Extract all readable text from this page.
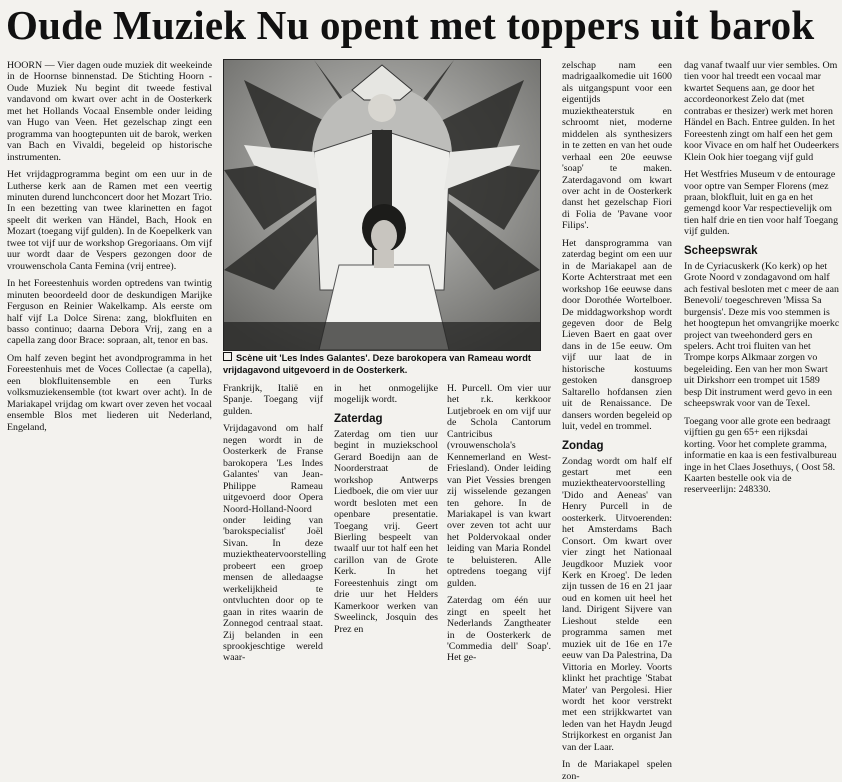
Oude Muziek Nu opent met toppers uit barok

HOORN — Vier dagen oude muziek dit weekeinde in de Hoornse binnenstad. De Stichting Hoorn - Oude Muziek Nu begint dit tweede festival vandavond om kwart over acht in de Oosterkerk met het Hollands Vocaal Ensemble onder leiding van Hugo van Veen. Het gezelschap zingt een programma van hoogtepunten uit de barok, werken van Bach en Vivaldi, begeleid op historische instrumenten.

Het vrijdagprogramma begint om een uur in de Lutherse kerk aan de Ramen met een veertig minuten durend lunchconcert door het Mozart Trio. In een bezetting van twee klarinetten en fagot speelt dit werken van Händel, Bach, Hook en Mozart (toegang vijf gulden). In de Koepelkerk van twee tot vijf uur de workshop Gregoriaans. Om vijf uur wordt daar de Vespers gezongen door de vrouwenschola Canta Femina (vrij entree).

In het Foreestenhuis worden optredens van twintig minuten beoordeeld door de deskundigen Marijke Ferguson en Reinier Wakelkamp. Als eerste om half vijf La Dolce Sirena: zang, blokfluiten en basso continuo; daarna Debora Vrij, zang en a capella zang door Brace: sopraan, alt, tenor en bas.

Om half zeven begint het avondprogramma in het Foreestenhuis met de Voces Collectae (a capella), een blokfluitensemble en een Turks volksmuziekensemble (tot kwart over acht). In de Mariakapel vrijdag om kwart over zeven het vocaal ensemble Blos met liederen uit Nederland, Engeland,

Scène uit 'Les Indes Galantes'. Deze barokopera van Rameau wordt vrijdagavond uitgevoerd in de Oosterkerk.

Frankrijk, Italië en Spanje. Toegang vijf gulden.

Vrijdagavond om half negen wordt in de Oosterkerk de Franse barokopera 'Les Indes Galantes' van Jean-Philippe Rameau uitgevoerd door Opera Noord-Holland-Noord onder leiding van 'barokspecialist' Joël Sivan. In deze muziektheatervoorstelling probeert een groep mensen de alledaagse werkelijkheid te ontvluchten door op te gaan in rites waarin de Zonnegod centraal staat. Zij belanden in een sprookjeschtige wereld waar-

in het onmogelijke mogelijk wordt.

Zaterdag

Zaterdag om tien uur begint in muziekschool Gerard Boedijn aan de Noorderstraat de workshop Antwerps Liedboek, die om vier uur wordt besloten met een openbare presentatie. Toegang vrij. Geert Bierling bespeelt van twaalf uur tot half een het carillon van de Grote Kerk. In het Foreestenhuis zingt om drie uur het Helders Kamerkoor werken van Sweelinck, Josquin des Prez en

H. Purcell. Om vier uur het r.k. kerkkoor Lutjebroek en om vijf uur de Schola Cantorum Cantricibus (vrouwenschola's Kennemerland en West-Friesland). Onder leiding van Piet Vessies brengen zij wisselende gezangen ten gehore. In de Mariakapel is van kwart over zeven tot acht uur het Poldervokaal onder leiding van Maria Rondel te beluisteren. Alle optredens toegang vijf gulden.

Zaterdag om één uur zingt en speelt het Nederlands Zangtheater in de Oosterkerk de 'Commedia dell' Soap'. Het ge-

zelschap nam een madrigaalkomedie uit 1600 als uitgangspunt voor een eigentijds muziektheaterstuk en schroomt niet, moderne middelen als synthesizers in te zetten en van het oude verhaal een 20e eeuwse 'soap' te maken. Zaterdagavond om kwart over acht in de Oosterkerk danst het gezelschap Fiori di Folia de 'Pavane voor Filips'.

Het dansprogramma van zaterdag begint om een uur in de Mariakapel aan de Korte Achterstraat met een workshop 16e eeuwse dans door Dorothée Wortelboer. De middagworkshop wordt gegeven door de Belg Lieven Baert en gaat over dans in de 15e eeuw. Om vijf uur laat de in historische kostuums gestoken dansgroep Saltarello hofdansen zien uit de Renaissance. De dansers worden begeleid op luit, vedel en trommel.

Zondag

Zondag wordt om half elf gestart met een muziektheatervoorstelling 'Dido and Aeneas' van Henry Purcell in de oosterkerk. Uitvoerenden: het Amsterdams Bach Consort. Om kwart over vier zingt het Nationaal Jeugdkoor Muziek voor Kerk en Kroeg'. De leden zijn tussen de 16 en 21 jaar oud en komen uit heel het land. Dirigent Sijvere van Lieshout stelde een programma samen met muziek uit de 16e en 17e eeuw van Da Palestrina, Da Vittoria en Morley. Voorts klinkt het prachtige 'Stabat Mater' van Pergolesi. Hier wordt het koor verstrekt met een strijkkwartet van leden van het Haydn Jeugd Strijkorkest en organist Jan van der Laar.

In de Mariakapel spelen zon-

dag vanaf twaalf uur vier sembles. Om tien voor hal treedt een vocaal mar kwartet Sequens aan, ge door het accordeonorkest Zelo dat (met contrabas er thesizer) werk met horen Händel en Bach. Entree gulden. In het Foreestenh zingt om half een het gem koor Vivace en om half het Oudeerkers Klein Ook hier toegang vijf guld

Het Westfries Museum v de entourage voor optre van Semper Florens (mez praan, blokfluit, luit en ga en het gemengd koor Var respectievelijk om tien half drie en tien voor half Toegang vijf gulden.

Scheepswrak

In de Cyriacuskerk (Ko kerk) op het Grote Noord v zondagavond om half ach festival besloten met c meer de aan Benevoli/ toegeschreven 'Missa Sa burgensis'. Deze mis voo stemmen is het hoogtepun het omvangrijke moerkc project van tweehonderd gers en spelers. Acht troi fluiten van het Trompe korps Alkmaar zorgen vo begeleiding. Een van her mon Swart uit Dirkshorr een trompet uit 1589 besp Dit instrument werd gevo in een scheepswrak voor van de Texel.

Toegang voor alle grote een bedraagt vijftien gu gen 65+ een rijksdai korting. Voor het complete gramma, informatie en kaa is een festivalbureau inge in het Claes Josethuys, ( Oost 58. Kaarten bestelle ook via de reserveerlijn: 248330.
